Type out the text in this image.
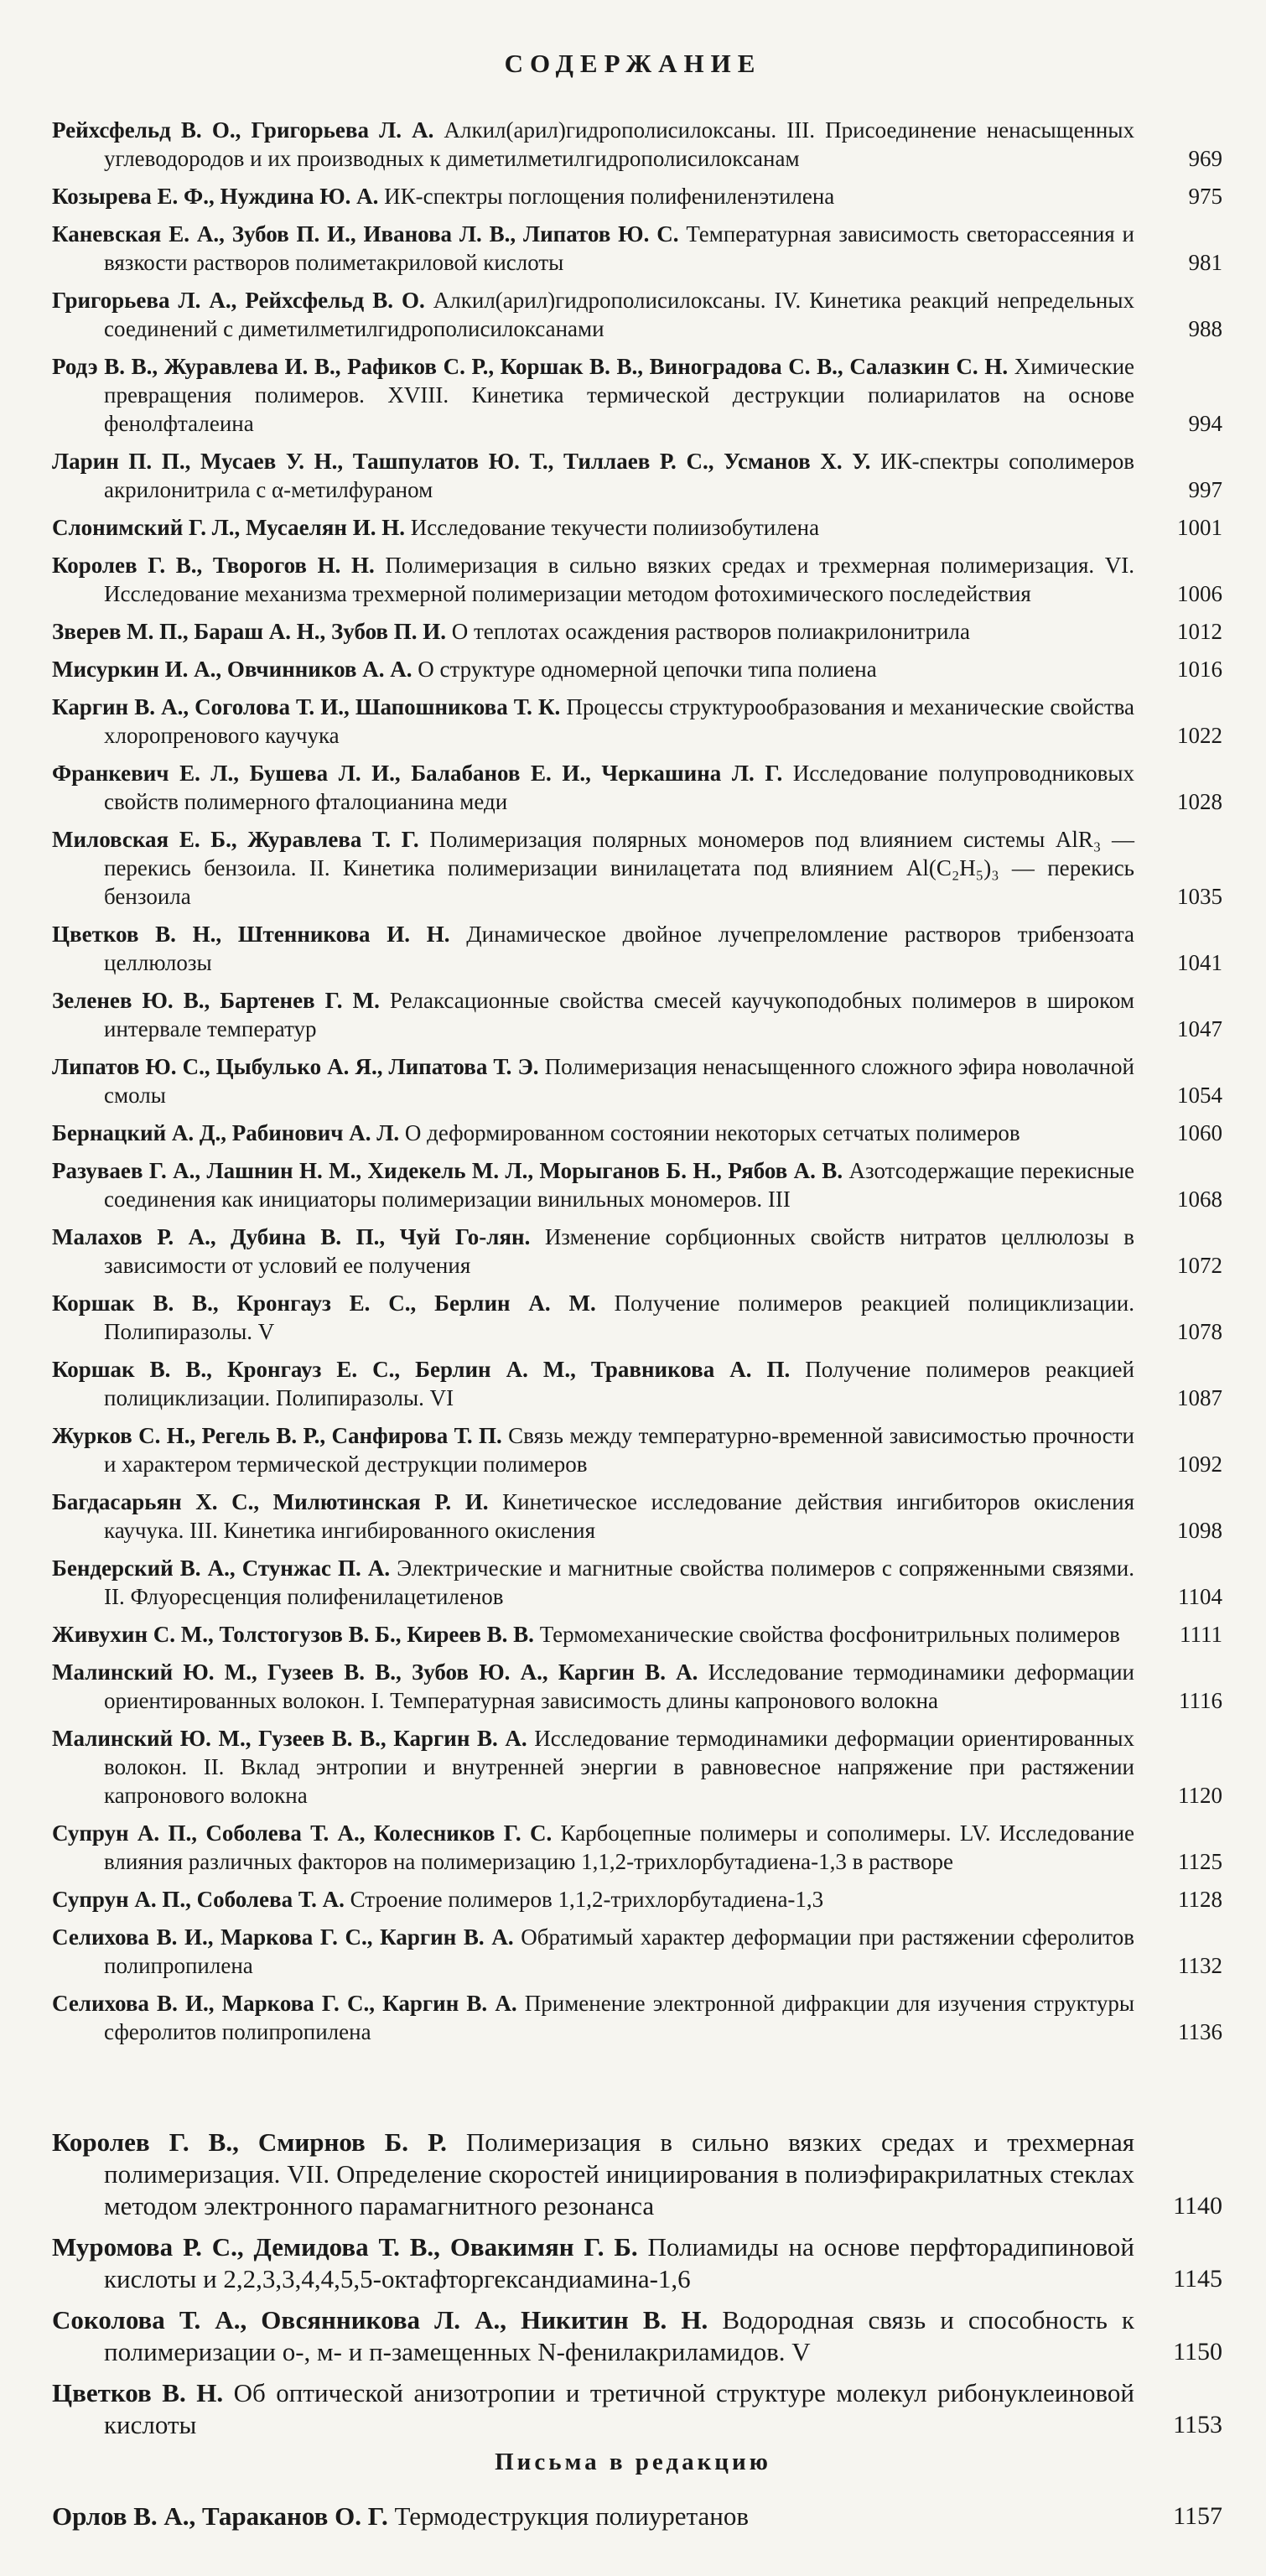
СОДЕРЖАНИЕ

Рейхсфельд В. О., Григорьева Л. А. Алкил(арил)гидрополисилоксаны. III. Присоединение ненасыщенных углеводородов и их производных к диметилметилгидрополисилоксанам	969

Козырева Е. Ф., Нуждина Ю. А. ИК-спектры поглощения полифениленэтилена	975

Каневская Е. А., Зубов П. И., Иванова Л. В., Липатов Ю. С. Температурная зависимость светорассеяния и вязкости растворов полиметакриловой кислоты	981

Григорьева Л. А., Рейхсфельд В. О. Алкил(арил)гидрополисилоксаны. IV. Кинетика реакций непредельных соединений с диметилметилгидрополисилоксанами	988

Родэ В. В., Журавлева И. В., Рафиков С. Р., Коршак В. В., Виноградова С. В., Салазкин С. Н. Химические превращения полимеров. XVIII. Кинетика термической деструкции полиарилатов на основе фенолфталеина	994

Ларин П. П., Мусаев У. Н., Ташпулатов Ю. Т., Тиллаев Р. С., Усманов Х. У. ИК-спектры сополимеров акрилонитрила с α-метилфураном	997

Слонимский Г. Л., Мусаелян И. Н. Исследование текучести полиизобутилена	1001

Королев Г. В., Творогов Н. Н. Полимеризация в сильно вязких средах и трехмерная полимеризация. VI. Исследование механизма трехмерной полимеризации методом фотохимического последействия	1006

Зверев М. П., Бараш А. Н., Зубов П. И. О теплотах осаждения растворов полиакрилонитрила	1012

Мисуркин И. А., Овчинников А. А. О структуре одномерной цепочки типа полиена	1016

Каргин В. А., Соголова Т. И., Шапошникова Т. К. Процессы структурообразования и механические свойства хлоропренового каучука	1022

Франкевич Е. Л., Бушева Л. И., Балабанов Е. И., Черкашина Л. Г. Исследование полупроводниковых свойств полимерного фталоцианина меди	1028

Миловская Е. Б., Журавлева Т. Г. Полимеризация полярных мономеров под влиянием системы AlR₃ — перекись бензоила. II. Кинетика полимеризации винилацетата под влиянием Al(C₂H₅)₃ — перекись бензоила	1035

Цветков В. Н., Штенникова И. Н. Динамическое двойное лучепреломление растворов трибензоата целлюлозы	1041

Зеленев Ю. В., Бартенев Г. М. Релаксационные свойства смесей каучукоподобных полимеров в широком интервале температур	1047

Липатов Ю. С., Цыбулько А. Я., Липатова Т. Э. Полимеризация ненасыщенного сложного эфира новолачной смолы	1054

Бернацкий А. Д., Рабинович А. Л. О деформированном состоянии некоторых сетчатых полимеров	1060

Разуваев Г. А., Лашнин Н. М., Хидекель М. Л., Морыганов Б. Н., Рябов А. В. Азотсодержащие перекисные соединения как инициаторы полимеризации винильных мономеров. III	1068

Малахов Р. А., Дубина В. П., Чуй Го-лян. Изменение сорбционных свойств нитратов целлюлозы в зависимости от условий ее получения	1072

Коршак В. В., Кронгауз Е. С., Берлин А. М. Получение полимеров реакцией полициклизации. Полипиразолы. V	1078

Коршак В. В., Кронгауз Е. С., Берлин А. М., Травникова А. П. Получение полимеров реакцией полициклизации. Полипиразолы. VI	1087

Журков С. Н., Регель В. Р., Санфирова Т. П. Связь между температурно-временной зависимостью прочности и характером термической деструкции полимеров	1092

Багдасарьян Х. С., Милютинская Р. И. Кинетическое исследование действия ингибиторов окисления каучука. III. Кинетика ингибированного окисления	1098

Бендерский В. А., Стунжас П. А. Электрические и магнитные свойства полимеров с сопряженными связями. II. Флуоресценция полифенилацетиленов	1104

Живухин С. М., Толстогузов В. Б., Киреев В. В. Термомеханические свойства фосфонитрильных полимеров	1111

Малинский Ю. М., Гузеев В. В., Зубов Ю. А., Каргин В. А. Исследование термодинамики деформации ориентированных волокон. I. Температурная зависимость длины капронового волокна	1116

Малинский Ю. М., Гузеев В. В., Каргин В. А. Исследование термодинамики деформации ориентированных волокон. II. Вклад энтропии и внутренней энергии в равновесное напряжение при растяжении капронового волокна	1120

Супрун А. П., Соболева Т. А., Колесников Г. С. Карбоцепные полимеры и сополимеры. LV. Исследование влияния различных факторов на полимеризацию 1,1,2-трихлорбутадиена-1,3 в растворе	1125

Супрун А. П., Соболева Т. А. Строение полимеров 1,1,2-трихлорбутадиена-1,3	1128

Селихова В. И., Маркова Г. С., Каргин В. А. Обратимый характер деформации при растяжении сферолитов полипропилена	1132

Селихова В. И., Маркова Г. С., Каргин В. А. Применение электронной дифракции для изучения структуры сферолитов полипропилена	1136

Королев Г. В., Смирнов Б. Р. Полимеризация в сильно вязких средах и трехмерная полимеризация. VII. Определение скоростей инициирования в полиэфиракрилатных стеклах методом электронного парамагнитного резонанса	1140

Муромова Р. С., Демидова Т. В., Овакимян Г. Б. Полиамиды на основе перфторадипиновой кислоты и 2,2,3,3,4,4,5,5-октафторгександиамина-1,6	1145

Соколова Т. А., Овсянникова Л. А., Никитин В. Н. Водородная связь и способность к полимеризации о-, м- и п-замещенных N-фенилакриламидов. V	1150

Цветков В. Н. Об оптической анизотропии и третичной структуре молекул рибонуклеиновой кислоты	1153
Письма в редакцию

Орлов В. А., Тараканов О. Г. Термодеструкция полиуретанов	1157
